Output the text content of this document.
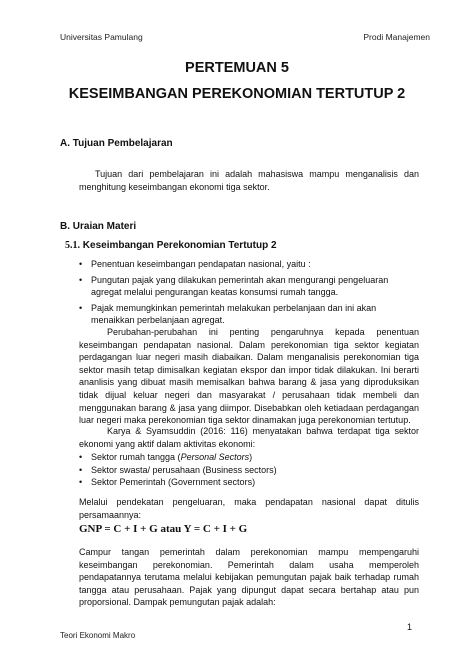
Universitas Pamulang	Prodi Manajemen
PERTEMUAN 5
KESEIMBANGAN PEREKONOMIAN TERTUTUP 2
A. Tujuan Pembelajaran
Tujuan dari pembelajaran ini adalah mahasiswa mampu menganalisis dan menghitung keseimbangan ekonomi tiga sektor.
B. Uraian Materi
5.1. Keseimbangan Perekonomian Tertutup 2
• Penentuan keseimbangan pendapatan nasional, yaitu :
• Pungutan pajak yang dilakukan pemerintah akan mengurangi pengeluaran agregat melalui pengurangan keatas konsumsi rumah tangga.
• Pajak memungkinkan pemerintah melakukan perbelanjaan dan ini akan menaikkan perbelanjaan agregat.
Perubahan-perubahan ini penting pengaruhnya kepada penentuan keseimbangan pendapatan nasional. Dalam perekonomian tiga sektor kegiatan perdagangan luar negeri masih diabaikan. Dalam menganalisis perekonomian tiga sektor masih tetap dimisalkan kegiatan ekspor dan impor tidak dilakukan. Ini berarti ananlisis yang dibuat masih memisalkan bahwa barang & jasa yang diproduksikan tidak dijual keluar negeri dan masyarakat / perusahaan tidak membeli dan menggunakan barang & jasa yang diimpor. Disebabkan oleh ketiadaan perdagangan luar negeri maka perekonomian tiga sektor dinamakan juga perekonomian tertutup.
Karya & Syamsuddin (2016: 116) menyatakan bahwa terdapat tiga sektor ekonomi yang aktif dalam aktivitas ekonomi:
• Sektor rumah tangga (Personal Sectors)
• Sektor swasta/ perusahaan (Business sectors)
• Sektor Pemerintah (Government sectors)
Melalui pendekatan pengeluaran, maka pendapatan nasional dapat ditulis persamaannya:
GNP = C + I + G atau Y = C + I + G
Campur tangan pemerintah dalam perekonomian mampu mempengaruhi keseimbangan perekonomian. Pemerintah dalam usaha memperoleh pendapatannya terutama melalui kebijakan pemungutan pajak baik terhadap rumah tangga atau perusahaan. Pajak yang dipungut dapat secara bertahap atau pun proporsional. Dampak pemungutan pajak adalah:
1
Teori Ekonomi Makro
